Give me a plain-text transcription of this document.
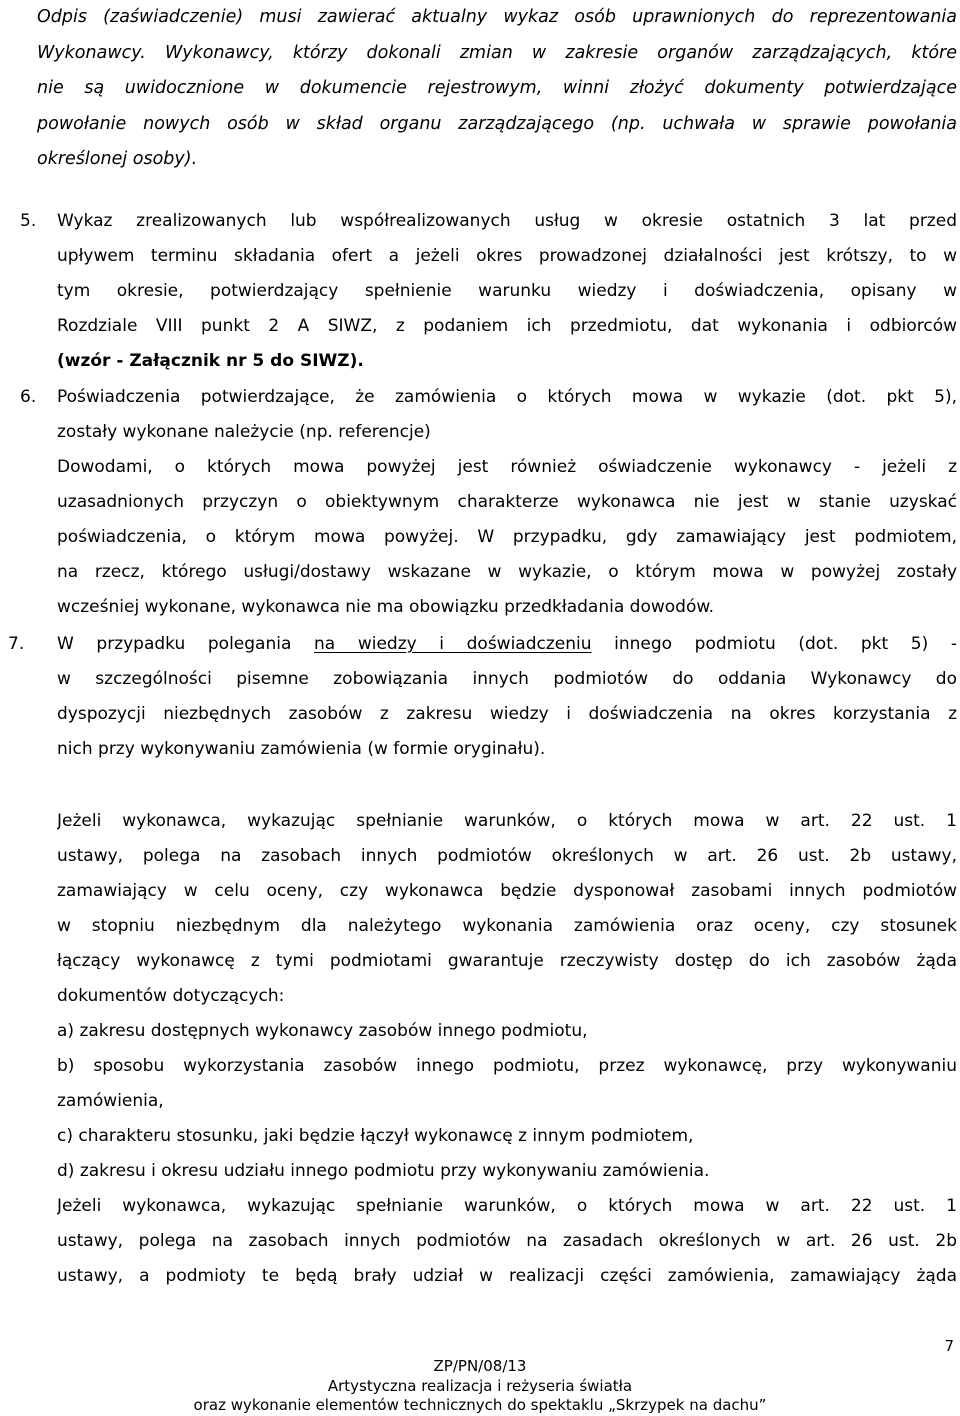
Odpis (zaświadczenie) musi zawierać aktualny wykaz osób uprawnionych do reprezentowania
Wykonawcy. Wykonawcy, którzy dokonali zmian w zakresie organów zarządzających, które
nie są uwidocznione w dokumencie rejestrowym, winni złożyć dokumenty potwierdzające
powołanie nowych osób w skład organu zarządzającego (np. uchwała w sprawie powołania
określonej osoby).
5. Wykaz zrealizowanych lub współrealizowanych usług w okresie ostatnich 3 lat przed
upływem terminu składania ofert a jeżeli okres prowadzonej działalności jest krótszy, to w
tym okresie, potwierdzający spełnienie warunku wiedzy i doświadczenia, opisany w
Rozdziale VIII punkt 2 A SIWZ, z podaniem ich przedmiotu, dat wykonania i odbiorców
(wzór - Załącznik nr 5 do SIWZ).
6. Poświadczenia potwierdzające, że zamówienia o których mowa w wykazie (dot. pkt 5),
zostały wykonane należycie (np. referencje)
Dowodami, o których mowa powyżej jest również oświadczenie wykonawcy - jeżeli z
uzasadnionych przyczyn o obiektywnym charakterze wykonawca nie jest w stanie uzyskać
poświadczenia, o którym mowa powyżej. W przypadku, gdy zamawiający jest podmiotem,
na rzecz, którego usługi/dostawy wskazane w wykazie, o którym mowa w powyżej zostały
wcześniej wykonane, wykonawca nie ma obowiązku przedkładania dowodów.
7. W przypadku polegania na wiedzy i doświadczeniu innego podmiotu (dot. pkt 5) -
w szczególności pisemne zobowiązania innych podmiotów do oddania Wykonawcy do
dyspozycji niezbędnych zasobów z zakresu wiedzy i doświadczenia na okres korzystania z
nich przy wykonywaniu zamówienia (w formie oryginału).
Jeżeli wykonawca, wykazując spełnianie warunków, o których mowa w art. 22 ust. 1
ustawy, polega na zasobach innych podmiotów określonych w art. 26 ust. 2b ustawy,
zamawiający w celu oceny, czy wykonawca będzie dysponował zasobami innych podmiotów
w stopniu niezbędnym dla należytego wykonania zamówienia oraz oceny, czy stosunek
łączący wykonawcę z tymi podmiotami gwarantuje rzeczywisty dostęp do ich zasobów żąda
dokumentów dotyczących:
a) zakresu dostępnych wykonawcy zasobów innego podmiotu,
b) sposobu wykorzystania zasobów innego podmiotu, przez wykonawcę, przy wykonywaniu
zamówienia,
c) charakteru stosunku, jaki będzie łączył wykonawcę z innym podmiotem,
d) zakresu i okresu udziału innego podmiotu przy wykonywaniu zamówienia.
Jeżeli wykonawca, wykazując spełnianie warunków, o których mowa w art. 22 ust. 1
ustawy, polega na zasobach innych podmiotów na zasadach określonych w art. 26 ust. 2b
ustawy, a podmioty te będą brały udział w realizacji części zamówienia, zamawiający żąda
7
ZP/PN/08/13
Artystyczna realizacja i reżyseria światła
oraz wykonanie elementów technicznych do spektaklu „Skrzypek na dachu”
